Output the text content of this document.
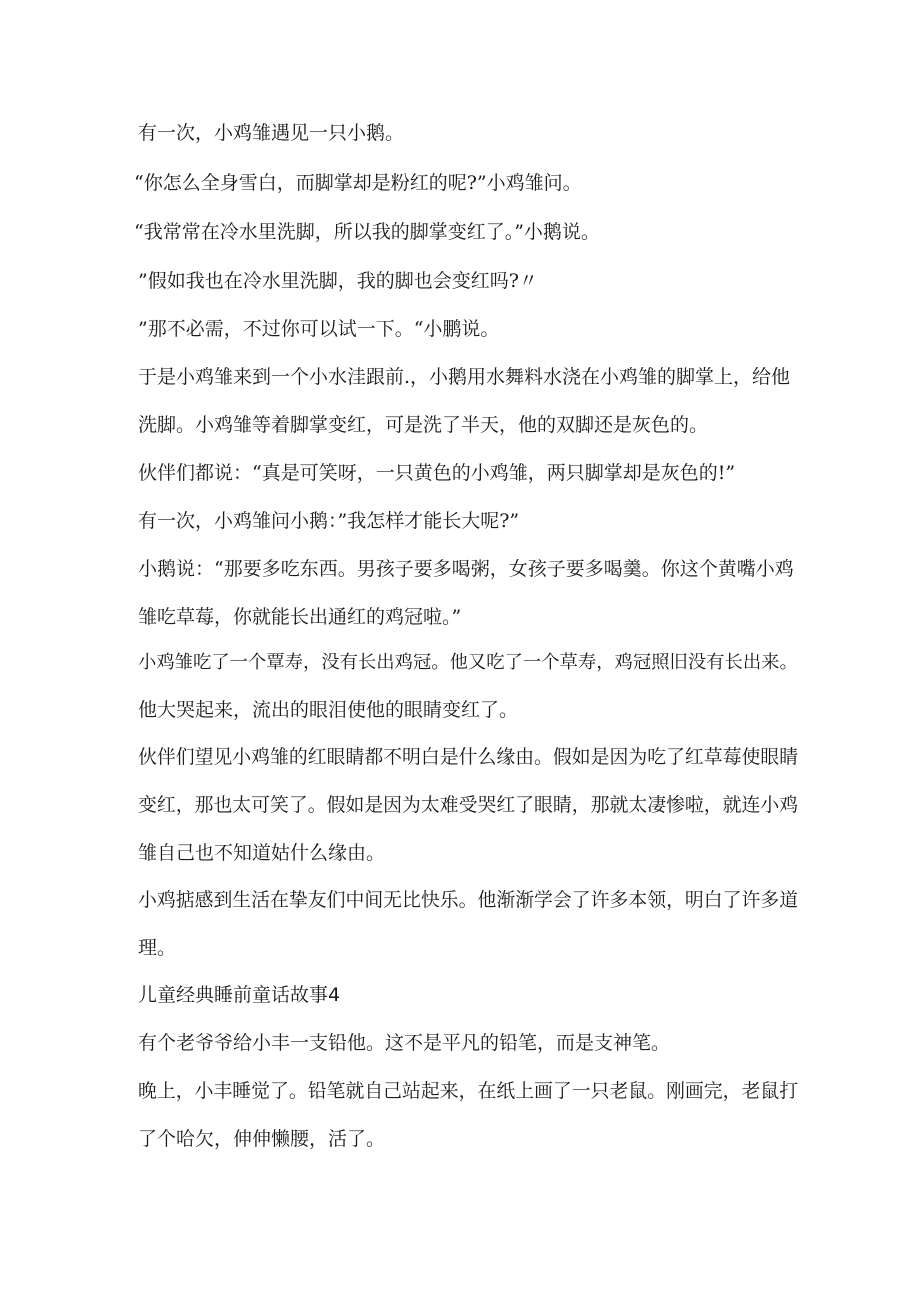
有一次，小鸡雏遇见一只小鹅。

“你怎么全身雪白，而脚掌却是粉红的呢?”小鸡雏问。

“我常常在冷水里洗脚，所以我的脚掌变红了。”小鹅说。

”假如我也在冷水里洗脚，我的脚也会变红吗?〃

”那不必需，不过你可以试一下。“小鹏说。

于是小鸡雏来到一个小水洼跟前.，小鹅用水舞料水浇在小鸡雏的脚掌上，给他

洗脚。小鸡雏等着脚掌变红，可是洗了半天，他的双脚还是灰色的。

伙伴们都说：“真是可笑呀，一只黄色的小鸡雏，两只脚掌却是灰色的!”

有一次，小鸡雏问小鹅：”我怎样才能长大呢?”

小鹅说：“那要多吃东西。男孩子要多喝粥，女孩子要多喝羹。你这个黄嘴小鸡

雏吃草莓，你就能长出通红的鸡冠啦。”

小鸡雏吃了一个覃寿，没有长出鸡冠。他又吃了一个草寿，鸡冠照旧没有长出来。

他大哭起来，流出的眼泪使他的眼睛变红了。

伙伴们望见小鸡雏的红眼睛都不明白是什么缘由。假如是因为吃了红草莓使眼睛

变红，那也太可笑了。假如是因为太难受哭红了眼睛，那就太凄惨啦，就连小鸡

雏自己也不知道姑什么缘由。

小鸡掂感到生活在挚友们中间无比快乐。他渐渐学会了许多本领，明白了许多道

理。

儿童经典睡前童话故事4

有个老爷爷给小丰一支铅他。这不是平凡的铅笔，而是支神笔。

晚上，小丰睡觉了。铅笔就自己站起来，在纸上画了一只老鼠。刚画完，老鼠打

了个哈欠，伸伸懒腰，活了。
